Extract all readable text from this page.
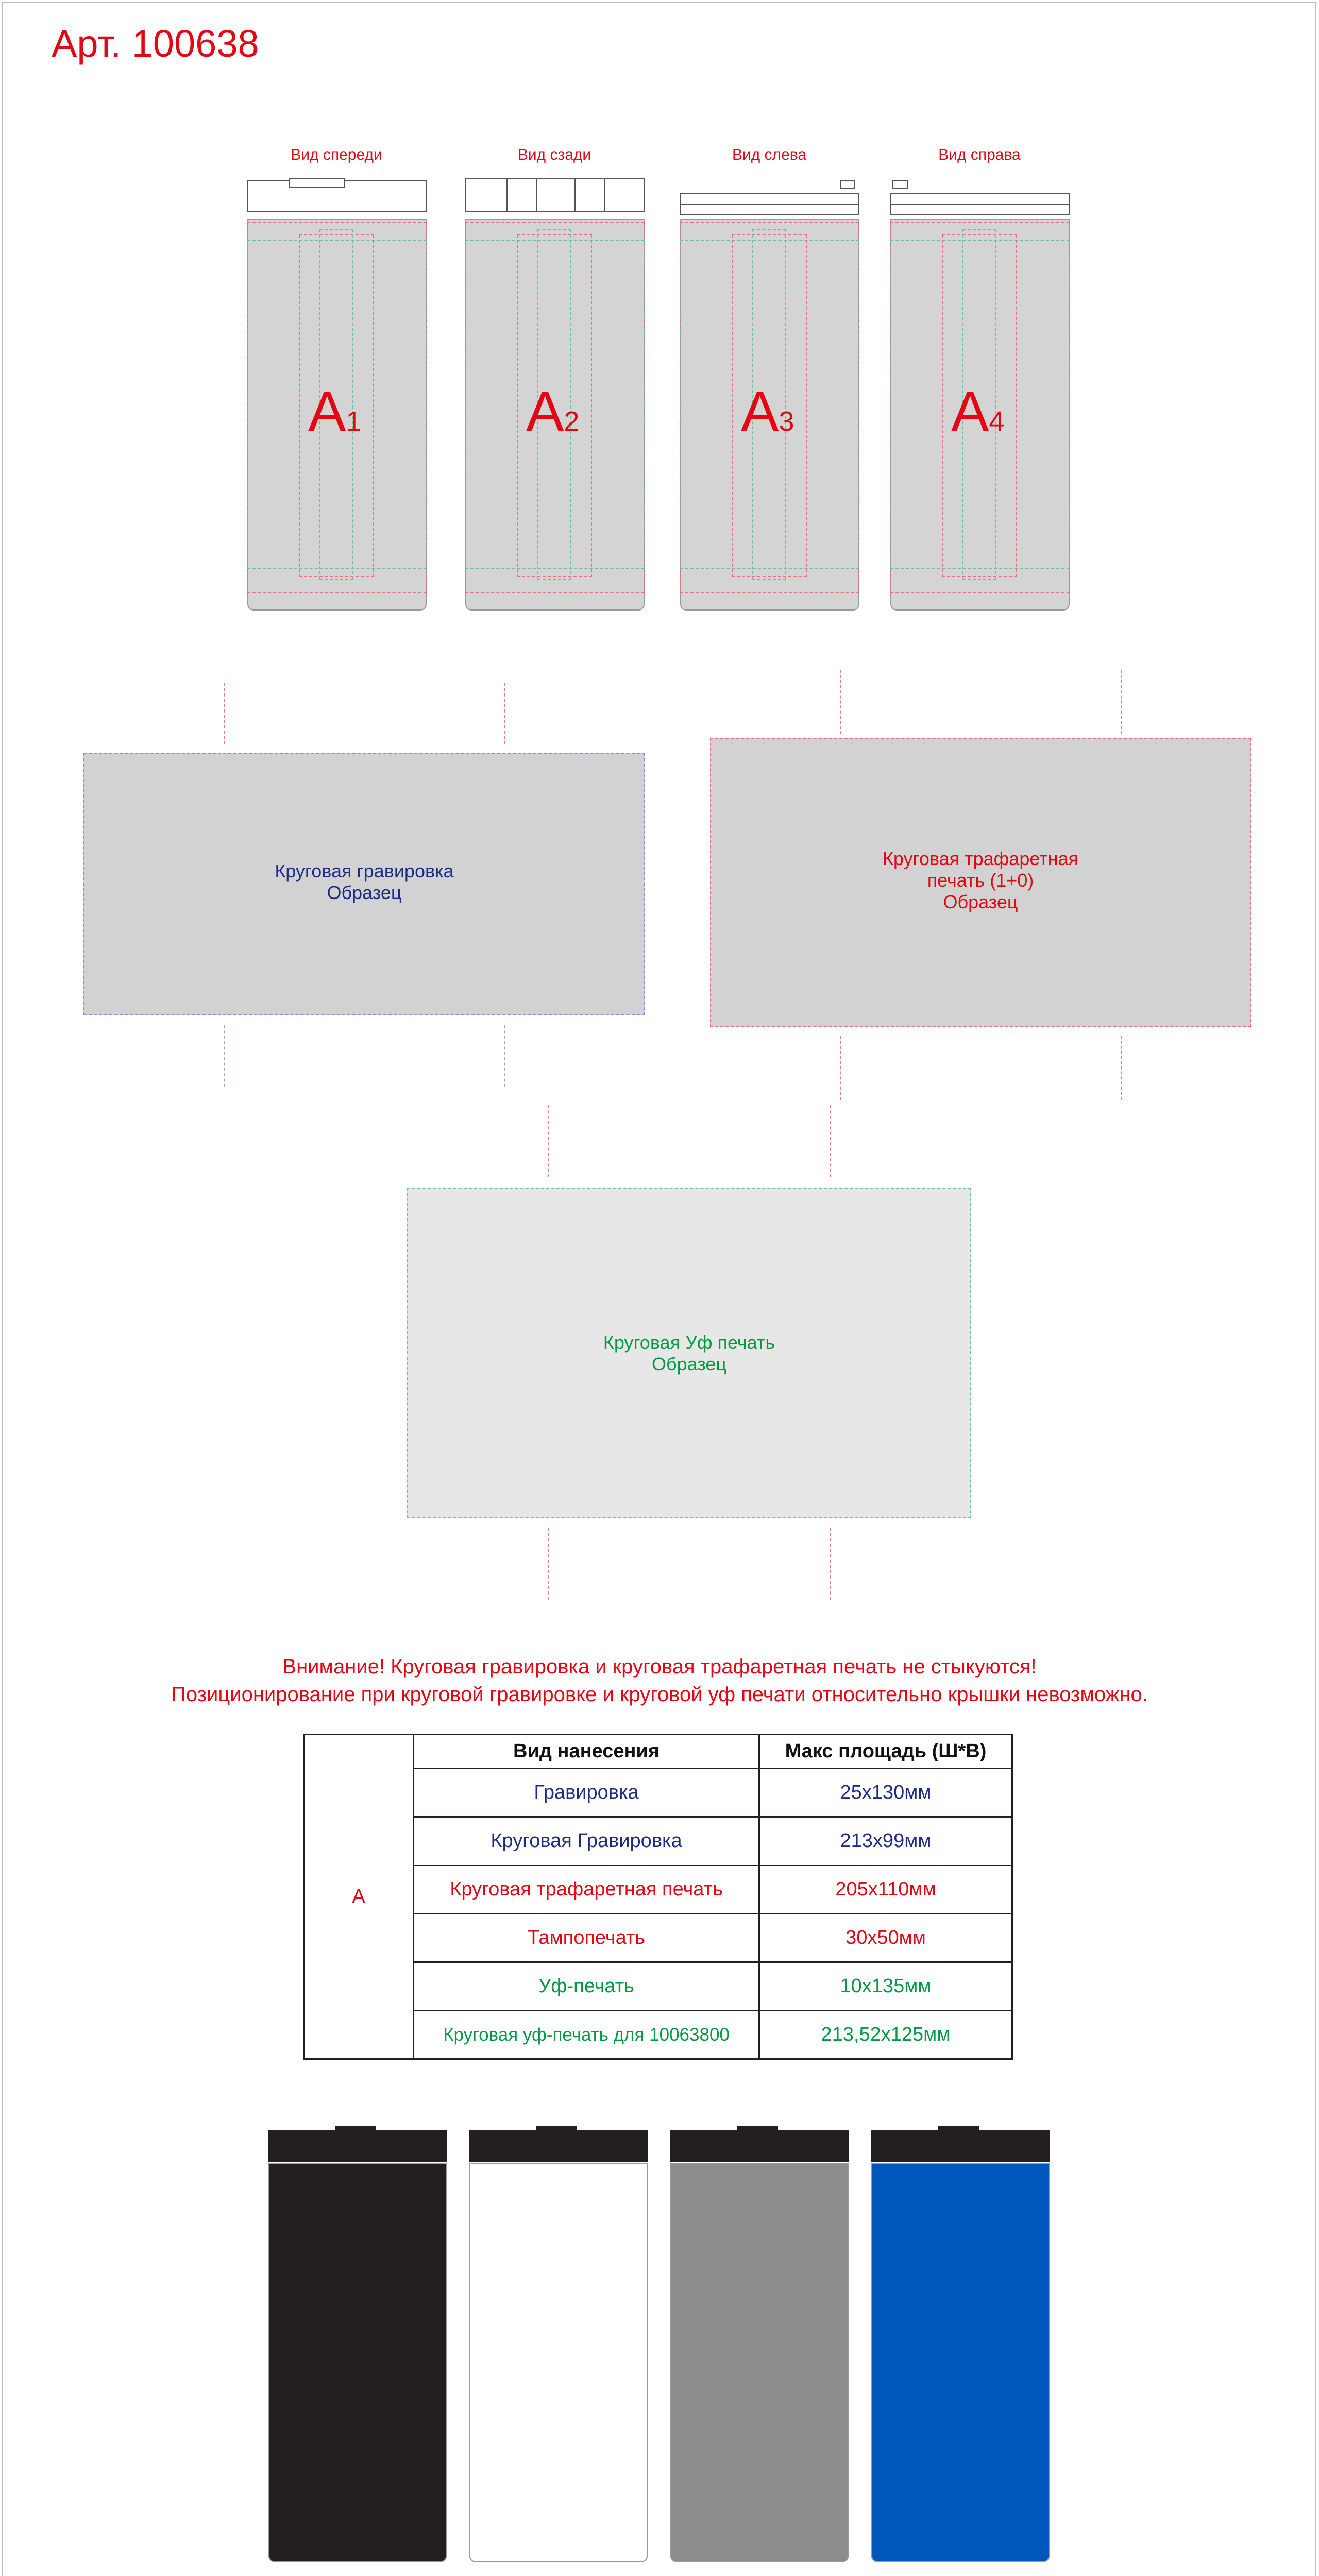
Арт. 100638
Вид спереди	Вид сзади	Вид слева	Вид справа
A1	A2	A3	A4
Круговая гравировка
Образец
Круговая трафаретная
печать (1+0)
Образец
Круговая Уф печать
Образец
Внимание! Круговая гравировка и круговая трафаретная печать не стыкуются!
Позиционирование при круговой гравировке и круговой уф печати относительно крышки невозможно.
A	Вид нанесения	Макс площадь (Ш*В)
	Гравировка	25х130мм
	Круговая Гравировка	213х99мм
	Круговая трафаретная печать	205х110мм
	Тампопечать	30х50мм
	Уф-печать	10х135мм
	Круговая уф-печать для 10063800	213,52х125мм
